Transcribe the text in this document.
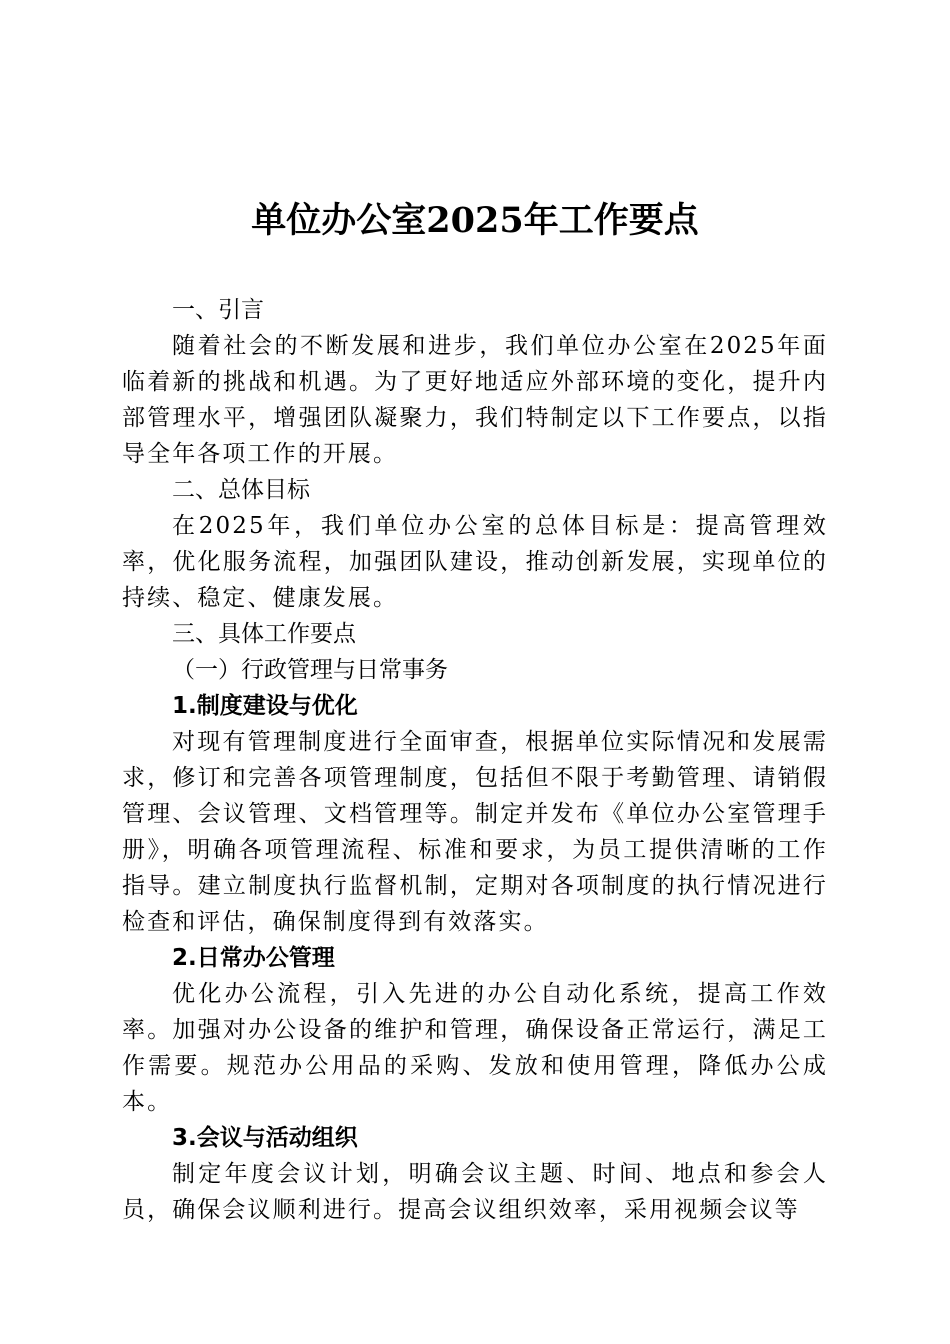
单位办公室2025年工作要点

一、引言

随着社会的不断发展和进步，我们单位办公室在2025年面临着新的挑战和机遇。为了更好地适应外部环境的变化，提升内部管理水平，增强团队凝聚力，我们特制定以下工作要点，以指导全年各项工作的开展。

二、总体目标

在2025年，我们单位办公室的总体目标是：提高管理效率，优化服务流程，加强团队建设，推动创新发展，实现单位的持续、稳定、健康发展。

三、具体工作要点

（一）行政管理与日常事务

1.制度建设与优化

对现有管理制度进行全面审查，根据单位实际情况和发展需求，修订和完善各项管理制度，包括但不限于考勤管理、请销假管理、会议管理、文档管理等。制定并发布《单位办公室管理手册》，明确各项管理流程、标准和要求，为员工提供清晰的工作指导。建立制度执行监督机制，定期对各项制度的执行情况进行检查和评估，确保制度得到有效落实。

2.日常办公管理

优化办公流程，引入先进的办公自动化系统，提高工作效率。加强对办公设备的维护和管理，确保设备正常运行，满足工作需要。规范办公用品的采购、发放和使用管理，降低办公成本。

3.会议与活动组织

制定年度会议计划，明确会议主题、时间、地点和参会人员，确保会议顺利进行。提高会议组织效率，采用视频会议等
